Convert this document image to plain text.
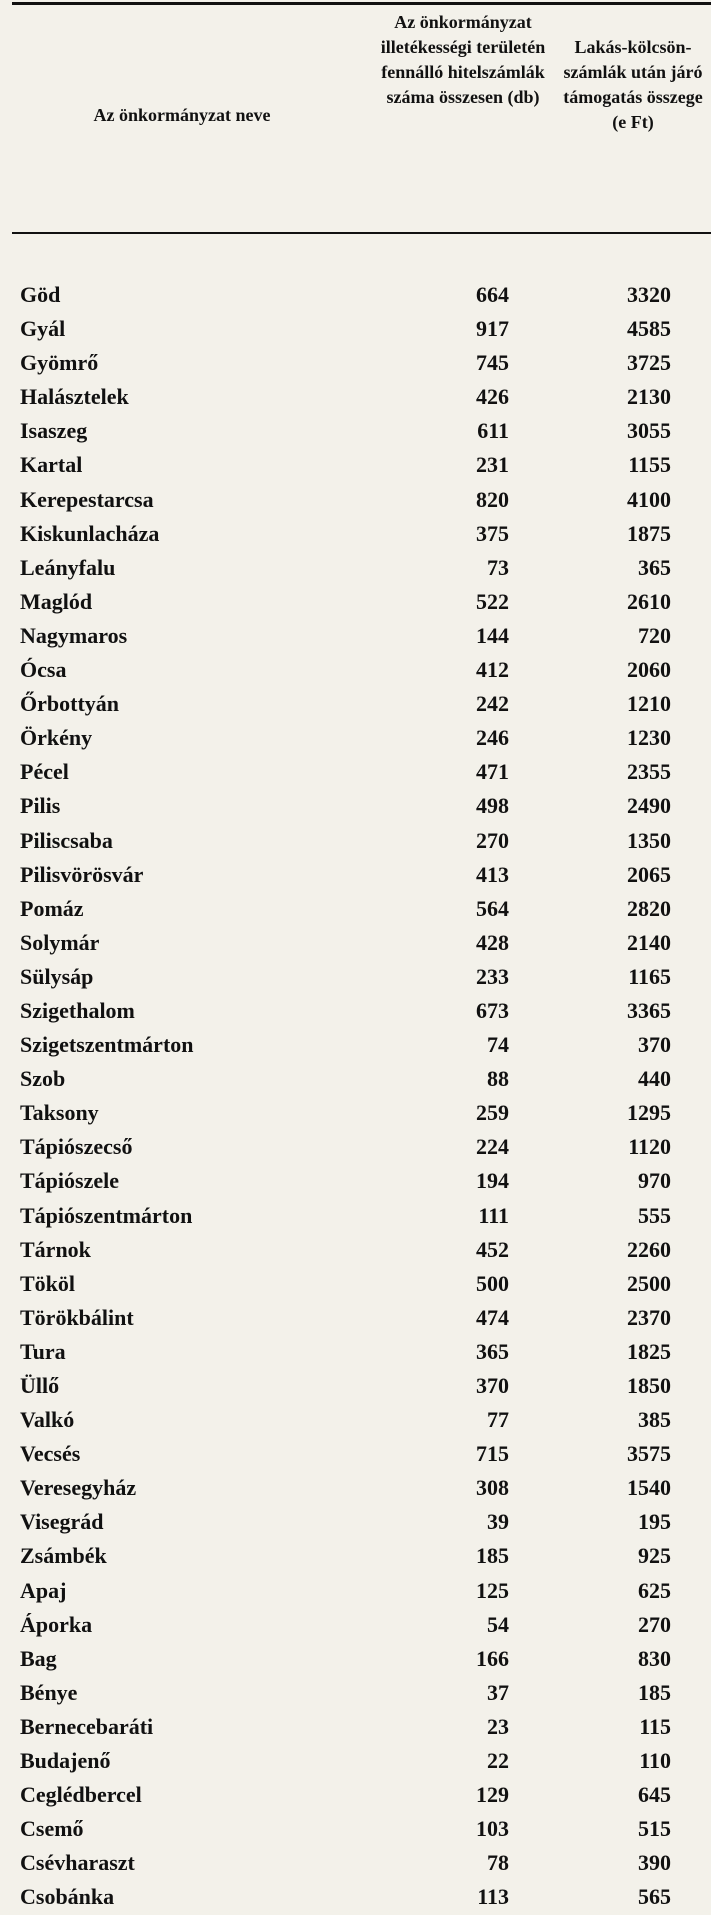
Az önkormányzat neve
Az önkormányzat illetékességi területén fennálló hitelszámlák száma összesen (db)
Lakás-kölcsön-számlák után járó támogatás összege (e Ft)
Göd	664	3320
Gyál	917	4585
Gyömrő	745	3725
Halásztelek	426	2130
Isaszeg	611	3055
Kartal	231	1155
Kerepestarcsa	820	4100
Kiskunlacháza	375	1875
Leányfalu	73	365
Maglód	522	2610
Nagymaros	144	720
Ócsa	412	2060
Őrbottyán	242	1210
Örkény	246	1230
Pécel	471	2355
Pilis	498	2490
Piliscsaba	270	1350
Pilisvörösvár	413	2065
Pomáz	564	2820
Solymár	428	2140
Sülysáp	233	1165
Szigethalom	673	3365
Szigetszentmárton	74	370
Szob	88	440
Taksony	259	1295
Tápiószecső	224	1120
Tápiószele	194	970
Tápiószentmárton	111	555
Tárnok	452	2260
Tököl	500	2500
Törökbálint	474	2370
Tura	365	1825
Üllő	370	1850
Valkó	77	385
Vecsés	715	3575
Veresegyház	308	1540
Visegrád	39	195
Zsámbék	185	925
Apaj	125	625
Áporka	54	270
Bag	166	830
Bénye	37	185
Bernecebaráti	23	115
Budajenő	22	110
Ceglédbercel	129	645
Csemő	103	515
Csévharaszt	78	390
Csobánka	113	565
